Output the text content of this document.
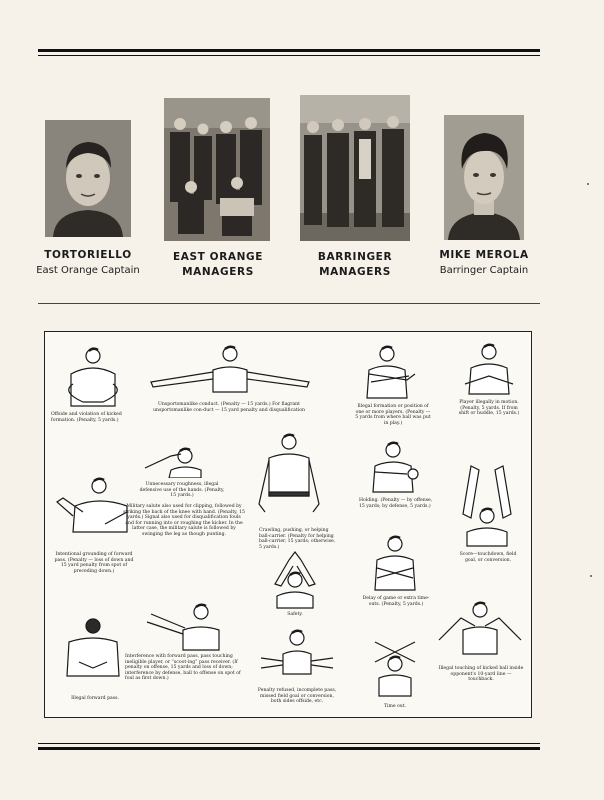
TORTORIELLO
East Orange Captain
EAST ORANGE MANAGERS
BARRINGER MANAGERS
MIKE MEROLA
Barringer Captain
Offside and violation of kicked formation. (Penalty, 5 yards.)
Unsportsmanlike conduct. (Penalty — 15 yards.) For flagrant unsportsmanlike con-duct — 15 yard penalty and disqualification
Illegal formation or position of one or more players. (Penalty — 5 yards from where ball was put in play.)
Player illegally in motion. (Penalty, 5 yards. If from shift or huddle, 15 yards.)
Unnecessary roughness, illegal defensive use of the hands. (Penalty, 15 yards.)
Crawling, pushing, or helping ball-carrier. (Penalty for helping ball-carrier, 15 yards; otherwise, 5 yards.)
Holding. (Penalty — by offense, 15 yards; by defense, 5 yards.)
Score—touchdown, field goal, or conversion.
Intentional grounding of forward pass. (Penalty — loss of down and 15 yard penalty from spot of preceding down.)
Military salute also used for clipping, followed by striking the back of the knee with hand. (Penalty, 15 yards.) Signal also used for disqualification fouls and for running into or roughing the kicker. In the latter case, the military salute is followed by swinging the leg as though punting.
Safety.
Delay of game or extra time-outs. (Penalty, 5 yards.)
Interference with forward pass, pass touching ineligible player, or “scoot-ing” pass receiver. (If penalty on offense, 15 yards and loss of down; interference by defense, ball to offense on spot of foul as first down.)
Illegal forward pass.
Penalty refused, incomplete pass, missed field goal or conversion, both sides offside, etc.
Time out.
Illegal touching of kicked ball inside opponent's 10-yard line — touchback.
